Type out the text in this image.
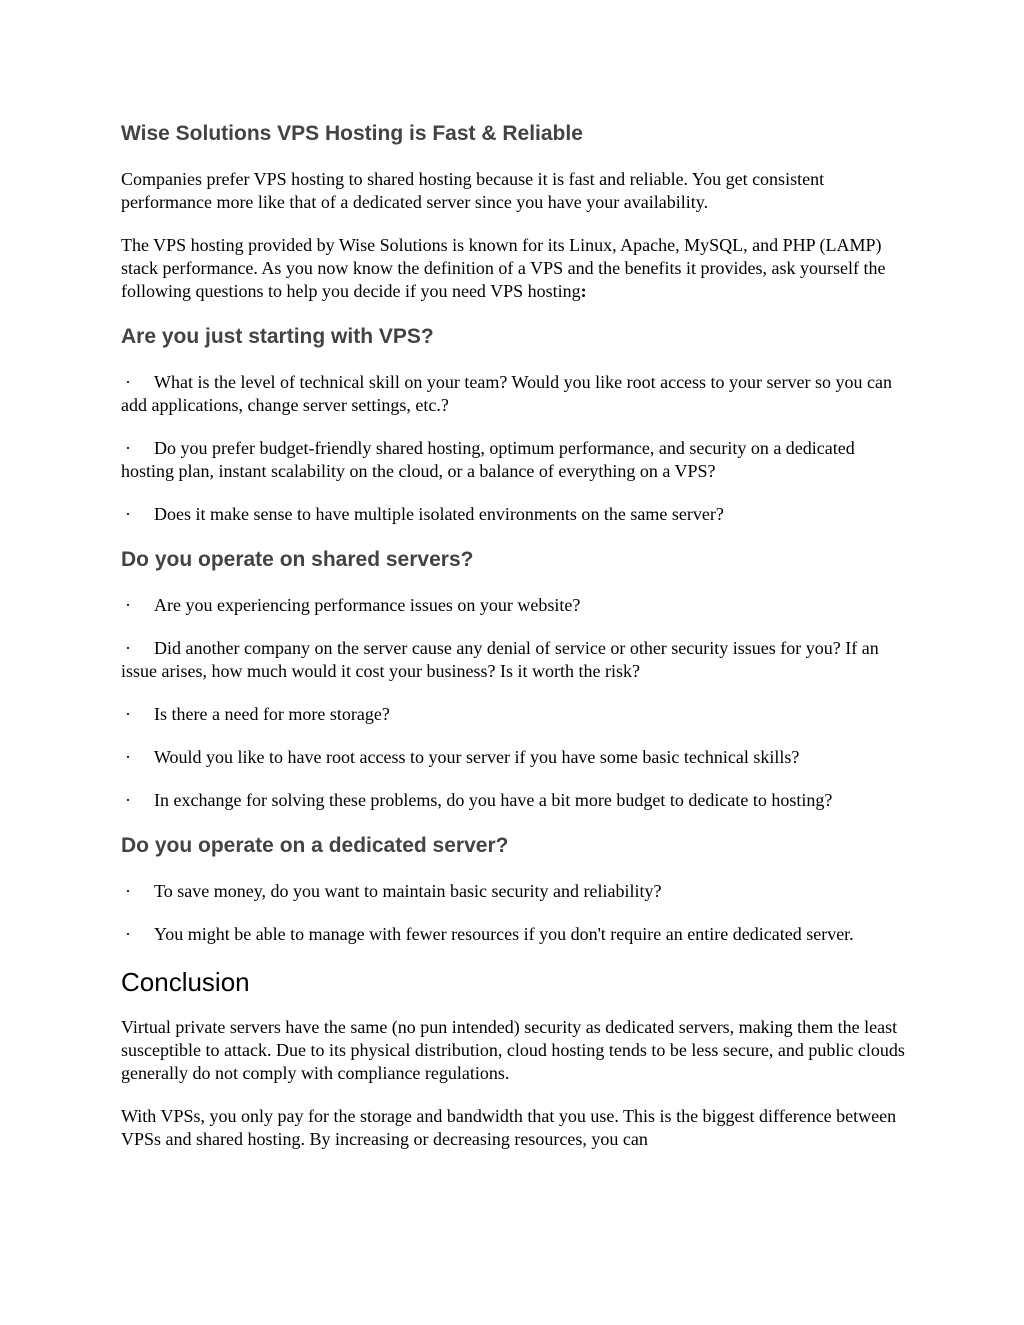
Wise Solutions VPS Hosting is Fast & Reliable

Companies prefer VPS hosting to shared hosting because it is fast and reliable. You get consistent performance more like that of a dedicated server since you have your availability.

The VPS hosting provided by Wise Solutions is known for its Linux, Apache, MySQL, and PHP (LAMP) stack performance. As you now know the definition of a VPS and the benefits it provides, ask yourself the following questions to help you decide if you need VPS hosting:

Are you just starting with VPS?

· What is the level of technical skill on your team? Would you like root access to your server so you can add applications, change server settings, etc.?

· Do you prefer budget-friendly shared hosting, optimum performance, and security on a dedicated hosting plan, instant scalability on the cloud, or a balance of everything on a VPS?

· Does it make sense to have multiple isolated environments on the same server?

Do you operate on shared servers?

· Are you experiencing performance issues on your website?

· Did another company on the server cause any denial of service or other security issues for you? If an issue arises, how much would it cost your business? Is it worth the risk?

· Is there a need for more storage?

· Would you like to have root access to your server if you have some basic technical skills?

· In exchange for solving these problems, do you have a bit more budget to dedicate to hosting?

Do you operate on a dedicated server?

· To save money, do you want to maintain basic security and reliability?

· You might be able to manage with fewer resources if you don't require an entire dedicated server.

Conclusion

Virtual private servers have the same (no pun intended) security as dedicated servers, making them the least susceptible to attack. Due to its physical distribution, cloud hosting tends to be less secure, and public clouds generally do not comply with compliance regulations.

With VPSs, you only pay for the storage and bandwidth that you use. This is the biggest difference between VPSs and shared hosting. By increasing or decreasing resources, you can
